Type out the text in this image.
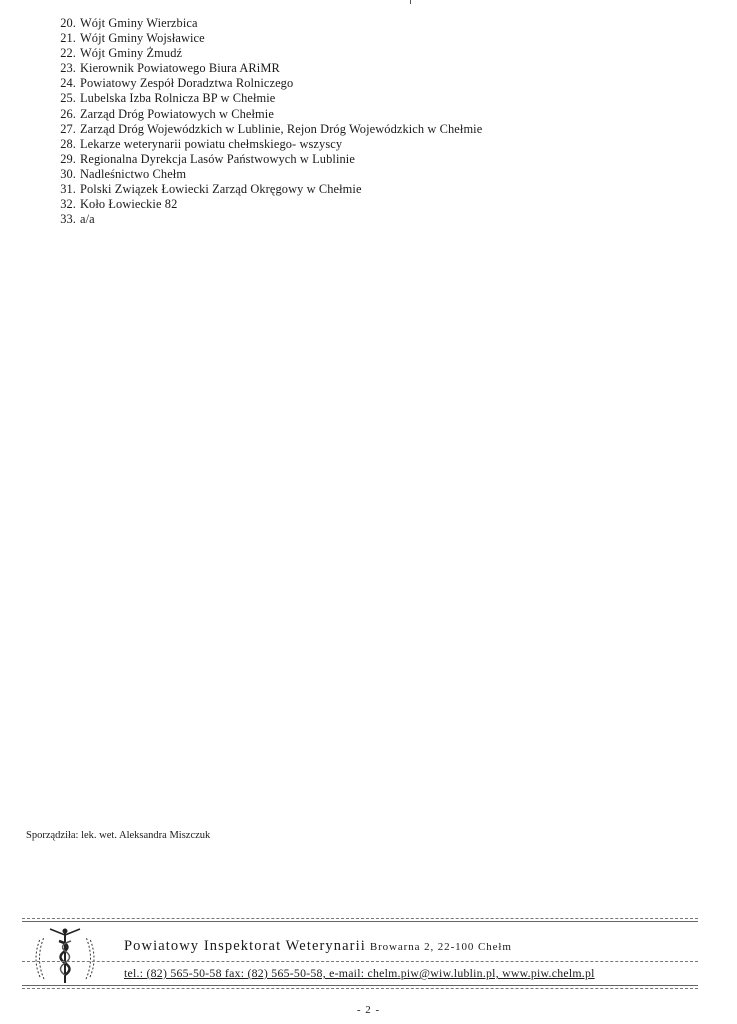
20. Wójt Gminy Wierzbica
21. Wójt Gminy Wojsławice
22. Wójt Gminy Żmudź
23. Kierownik Powiatowego Biura ARiMR
24. Powiatowy Zespół Doradztwa Rolniczego
25. Lubelska Izba Rolnicza BP w Chełmie
26. Zarząd Dróg Powiatowych w Chełmie
27. Zarząd Dróg Wojewódzkich w Lublinie, Rejon Dróg Wojewódzkich w Chełmie
28. Lekarze weterynarii powiatu chełmskiego- wszyscy
29. Regionalna Dyrekcja Lasów Państwowych w Lublinie
30. Nadleśnictwo Chełm
31. Polski Związek Łowiecki Zarząd Okręgowy w Chełmie
32. Koło Łowieckie 82
33. a/a
Sporządziła: lek. wet. Aleksandra Miszczuk
Powiatowy Inspektorat Weterynarii Browarna 2, 22-100 Chełm
tel.: (82) 565-50-58 fax: (82) 565-50-58, e-mail: chelm.piw@wiw.lublin.pl, www.piw.chelm.pl
- 2 -
